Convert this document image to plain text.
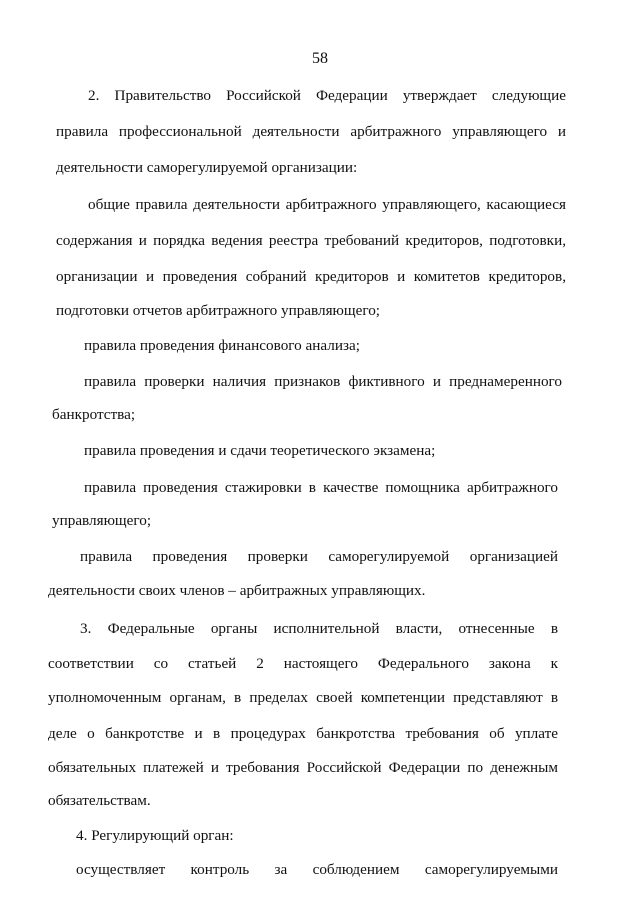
58
2. Правительство Российской Федерации утверждает следующие
правила профессиональной деятельности арбитражного управляющего и
деятельности саморегулируемой организации:
общие правила деятельности арбитражного управляющего, касающиеся
содержания и порядка ведения реестра требований кредиторов, подготовки,
организации и проведения собраний кредиторов и комитетов кредиторов,
подготовки отчетов арбитражного управляющего;
правила проведения финансового анализа;
правила проверки наличия признаков фиктивного и преднамеренного
банкротства;
правила проведения и сдачи теоретического экзамена;
правила проведения стажировки в качестве помощника арбитражного
управляющего;
правила проведения проверки саморегулируемой организацией
деятельности своих членов – арбитражных управляющих.
3. Федеральные органы исполнительной власти, отнесенные в
соответствии со статьей 2 настоящего Федерального закона к
уполномоченным органам, в пределах своей компетенции представляют в
деле о банкротстве и в процедурах банкротства требования об уплате
обязательных платежей и требования Российской Федерации по денежным
обязательствам.
4. Регулирующий орган:
осуществляет контроль за соблюдением саморегулируемыми
